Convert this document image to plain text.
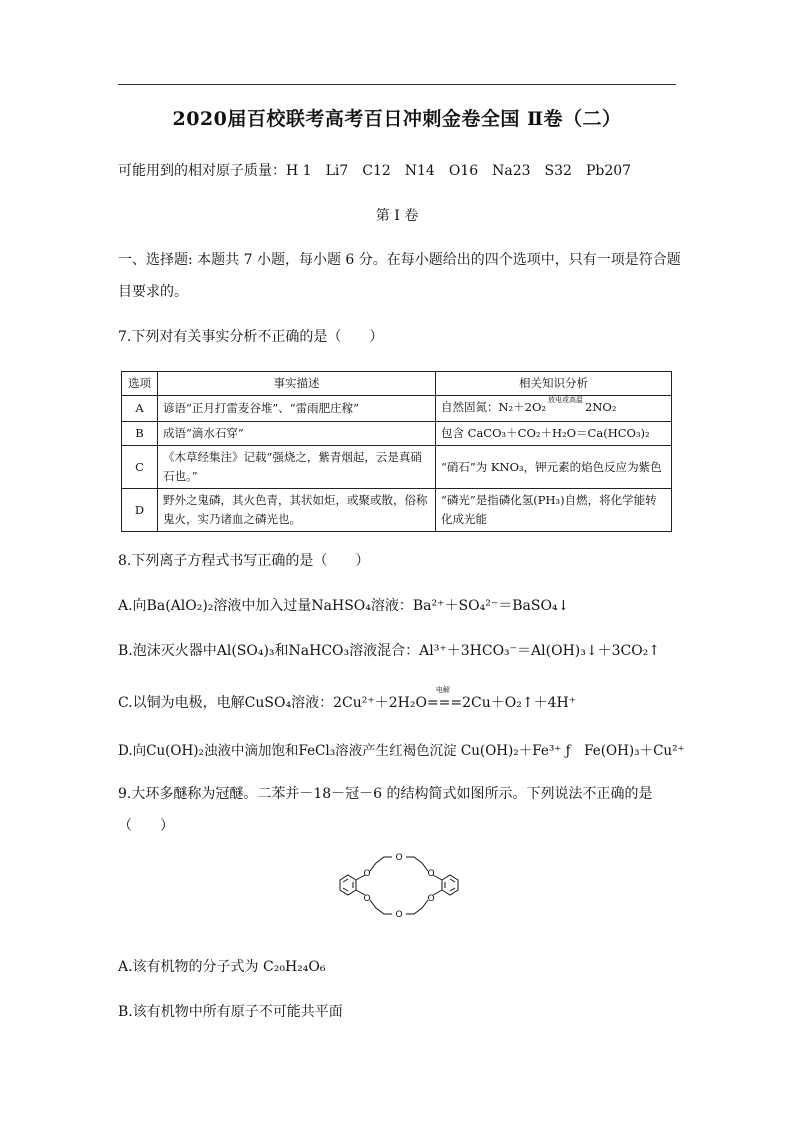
2020届百校联考高考百日冲刺金卷全国 Ⅱ卷（二）
可能用到的相对原子质量：H 1　Li7　C12　N14　O16　Na23　S32　Pb207
第 I 卷
一、选择题: 本题共 7 小题，每小题 6 分。在每小题给出的四个选项中，只有一项是符合题
目要求的。
7.下列对有关事实分析不正确的是（　　）
选项	事实描述	相关知识分析
A	谚语“正月打雷麦谷堆”、“雷雨肥庄稼”	自然固氮：N₂＋2O₂ $^{放电或高温}$ 2NO₂
B	成语“滴水石穿”	包含 CaCO₃＋CO₂＋H₂O＝Ca(HCO₃)₂
C	《木草经集注》记载“强烧之，紫青烟起，云是真硝石也。”	“硝石”为 KNO₃，钾元素的焰色反应为紫色
D	野外之鬼磷，其火色青，其状如炬，或聚或散，俗称鬼火，实乃诸血之磷光也。	“磷光”是指磷化氢(PH₃)自燃，将化学能转化成光能
8.下列离子方程式书写正确的是（　　）
A.向Ba(AlO₂)₂溶液中加入过量NaHSO₄溶液：Ba²⁺＋SO₄²⁻＝BaSO₄↓
B.泡沫灭火器中Al(SO₄)₃和NaHCO₃溶液混合：Al³⁺＋3HCO₃⁻＝Al(OH)₃↓＋3CO₂↑
C.以铜为电极，电解CuSO₄溶液：2Cu²⁺＋2H₂O
电解
===2Cu＋O₂↑＋4H⁺
D.向Cu(OH)₂浊液中滴加饱和FeCl₃溶液产生红褐色沉淀 Cu(OH)₂＋Fe³⁺ ƒ　Fe(OH)₃＋Cu²⁺
9.大环多醚称为冠醚。二苯并－18－冠－6 的结构简式如图所示。下列说法不正确的是
（　　）
O
O
O
O
O
O
A.该有机物的分子式为 C₂₀H₂₄O₆
B.该有机物中所有原子不可能共平面
